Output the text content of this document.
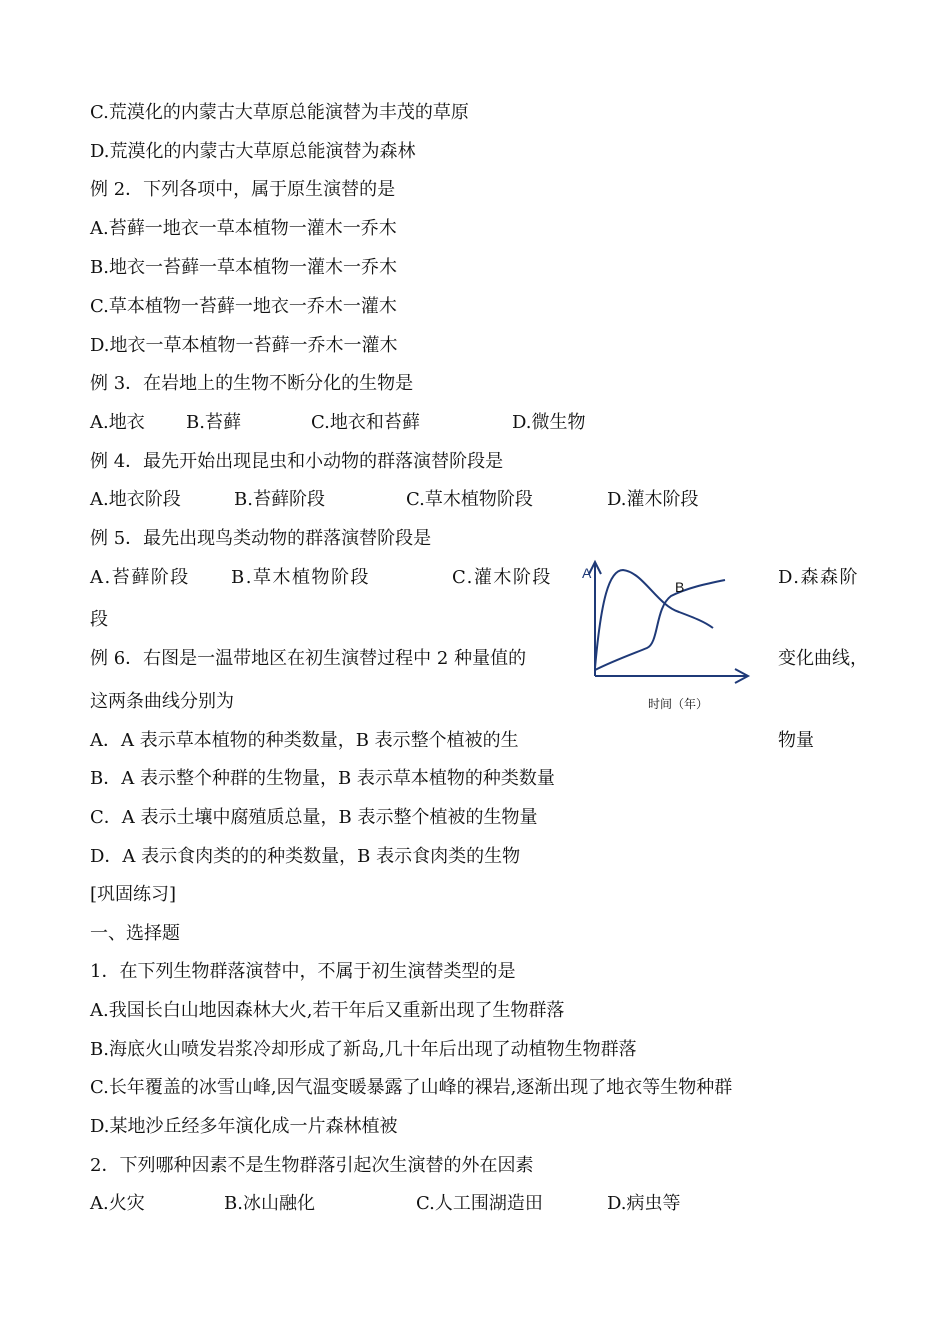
C.荒漠化的内蒙古大草原总能演替为丰茂的草原
D.荒漠化的内蒙古大草原总能演替为森林
例 2．下列各项中，属于原生演替的是
A.苔藓一地衣一草本植物一灌木一乔木
B.地衣一苔藓一草本植物一灌木一乔木
C.草本植物一苔藓一地衣一乔木一灌木
D.地衣一草本植物一苔藓一乔木一灌木
例 3．在岩地上的生物不断分化的生物是
A.地衣 B.苔藓	C.地衣和苔藓	D.微生物
例 4．最先开始出现昆虫和小动物的群落演替阶段是
A.地衣阶段	B.苔藓阶段	C.草木植物阶段	D.灌木阶段
例 5．最先出现鸟类动物的群落演替阶段是
A.苔藓阶段 B.草木植物阶段	C.灌木阶段	D.森森阶
段
例 6．右图是一温带地区在初生演替过程中 2 种量值的	变化曲线，
这两条曲线分别为
A．A 表示草本植物的种类数量，B 表示整个植被的生	物量
B．A 表示整个种群的生物量，B 表示草本植物的种类数量
C．A 表示土壤中腐殖质总量，B 表示整个植被的生物量
D．A 表示食肉类的的种类数量，B 表示食肉类的生物
[巩固练习]
一、选择题
1．在下列生物群落演替中，不属于初生演替类型的是
A.我国长白山地因森林大火,若干年后又重新出现了生物群落
B.海底火山喷发岩浆冷却形成了新岛,几十年后出现了动植物生物群落
C.长年覆盖的冰雪山峰,因气温变暖暴露了山峰的裸岩,逐渐出现了地衣等生物种群
D.某地沙丘经多年演化成一片森林植被
2．下列哪种因素不是生物群落引起次生演替的外在因素
A.火灾	B.冰山融化	C.人工围湖造田	D.病虫等
A
B
时间（年）
